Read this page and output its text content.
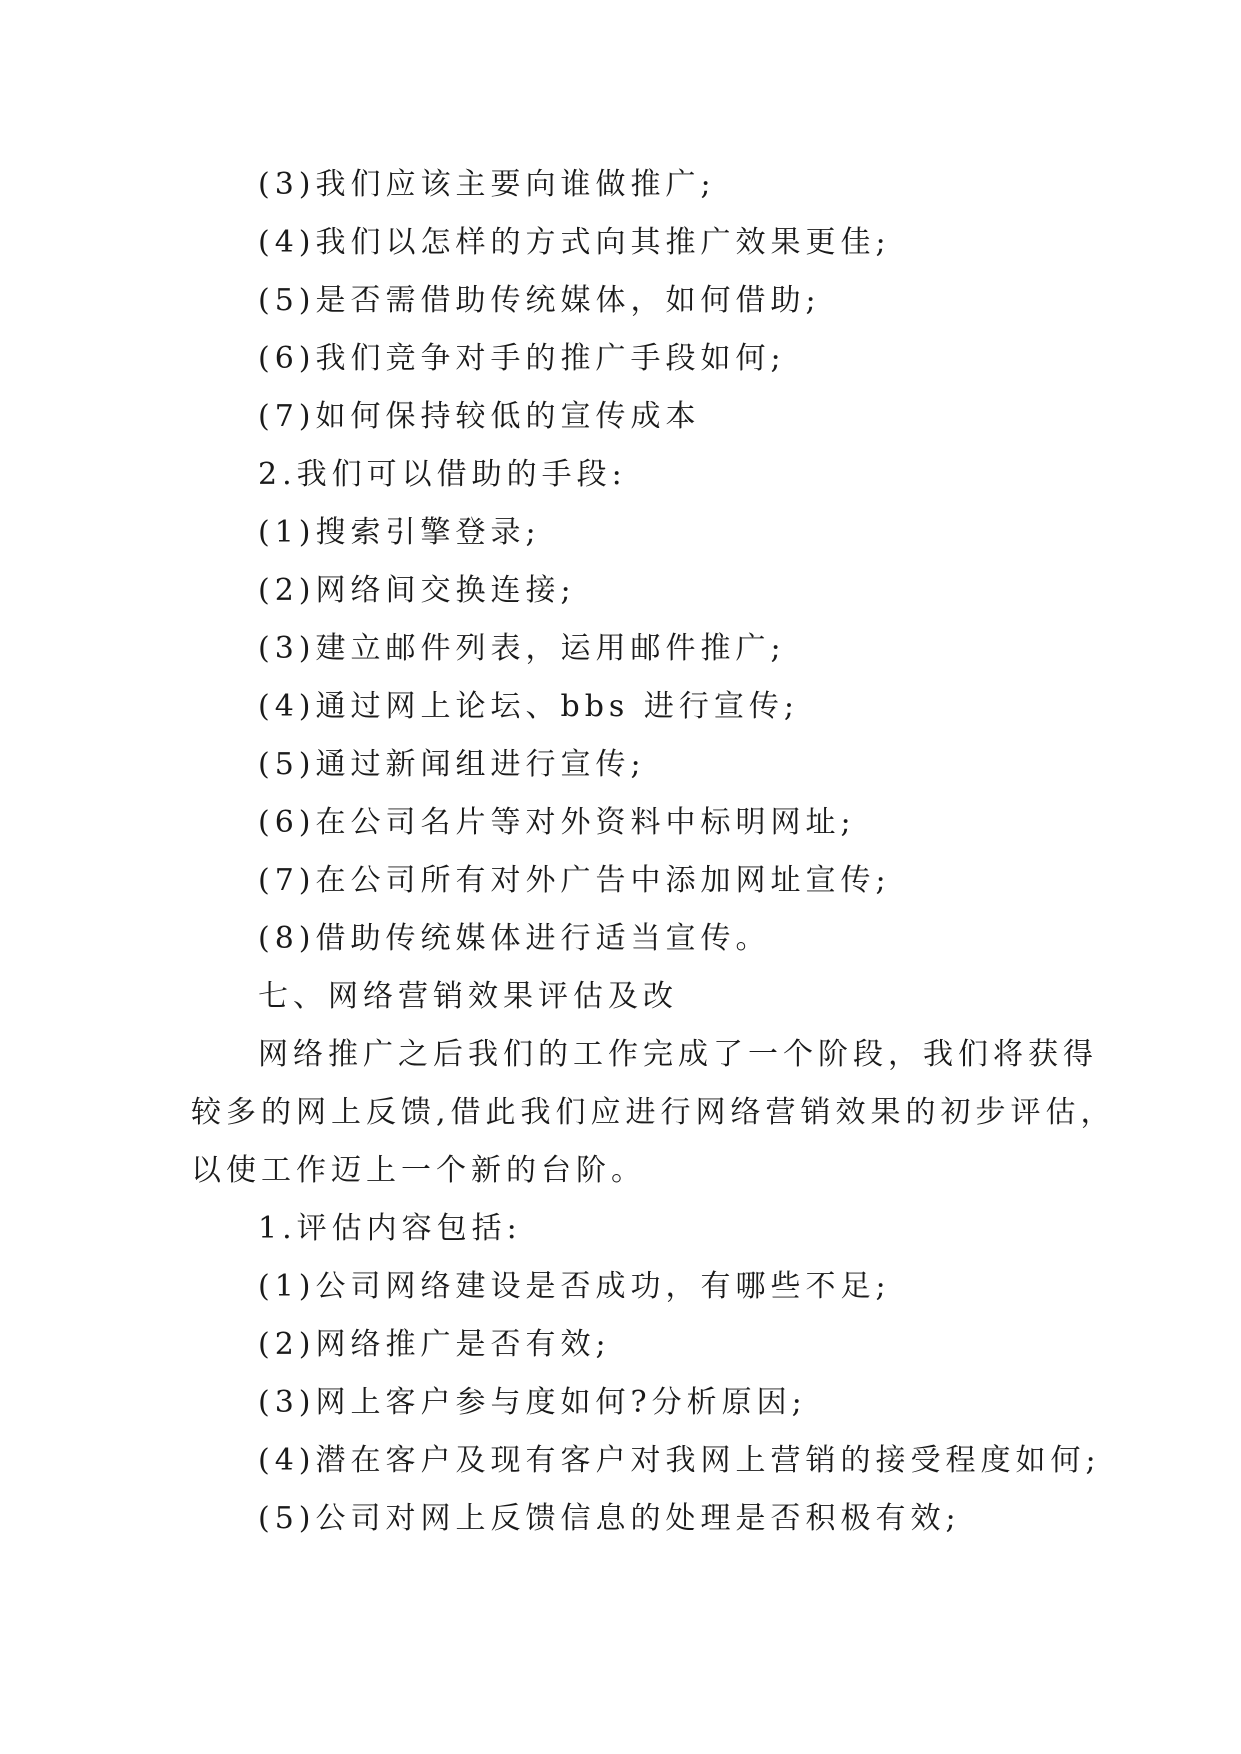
(3)我们应该主要向谁做推广;
(4)我们以怎样的方式向其推广效果更佳;
(5)是否需借助传统媒体，如何借助;
(6)我们竞争对手的推广手段如何;
(7)如何保持较低的宣传成本
2.我们可以借助的手段:
(1)搜索引擎登录;
(2)网络间交换连接;
(3)建立邮件列表，运用邮件推广;
(4)通过网上论坛、bbs 进行宣传;
(5)通过新闻组进行宣传;
(6)在公司名片等对外资料中标明网址;
(7)在公司所有对外广告中添加网址宣传;
(8)借助传统媒体进行适当宣传。
七、网络营销效果评估及改
网络推广之后我们的工作完成了一个阶段，我们将获得
较多的网上反馈,借此我们应进行网络营销效果的初步评估，
以使工作迈上一个新的台阶。
1.评估内容包括:
(1)公司网络建设是否成功，有哪些不足;
(2)网络推广是否有效;
(3)网上客户参与度如何?分析原因;
(4)潜在客户及现有客户对我网上营销的接受程度如何;
(5)公司对网上反馈信息的处理是否积极有效;
